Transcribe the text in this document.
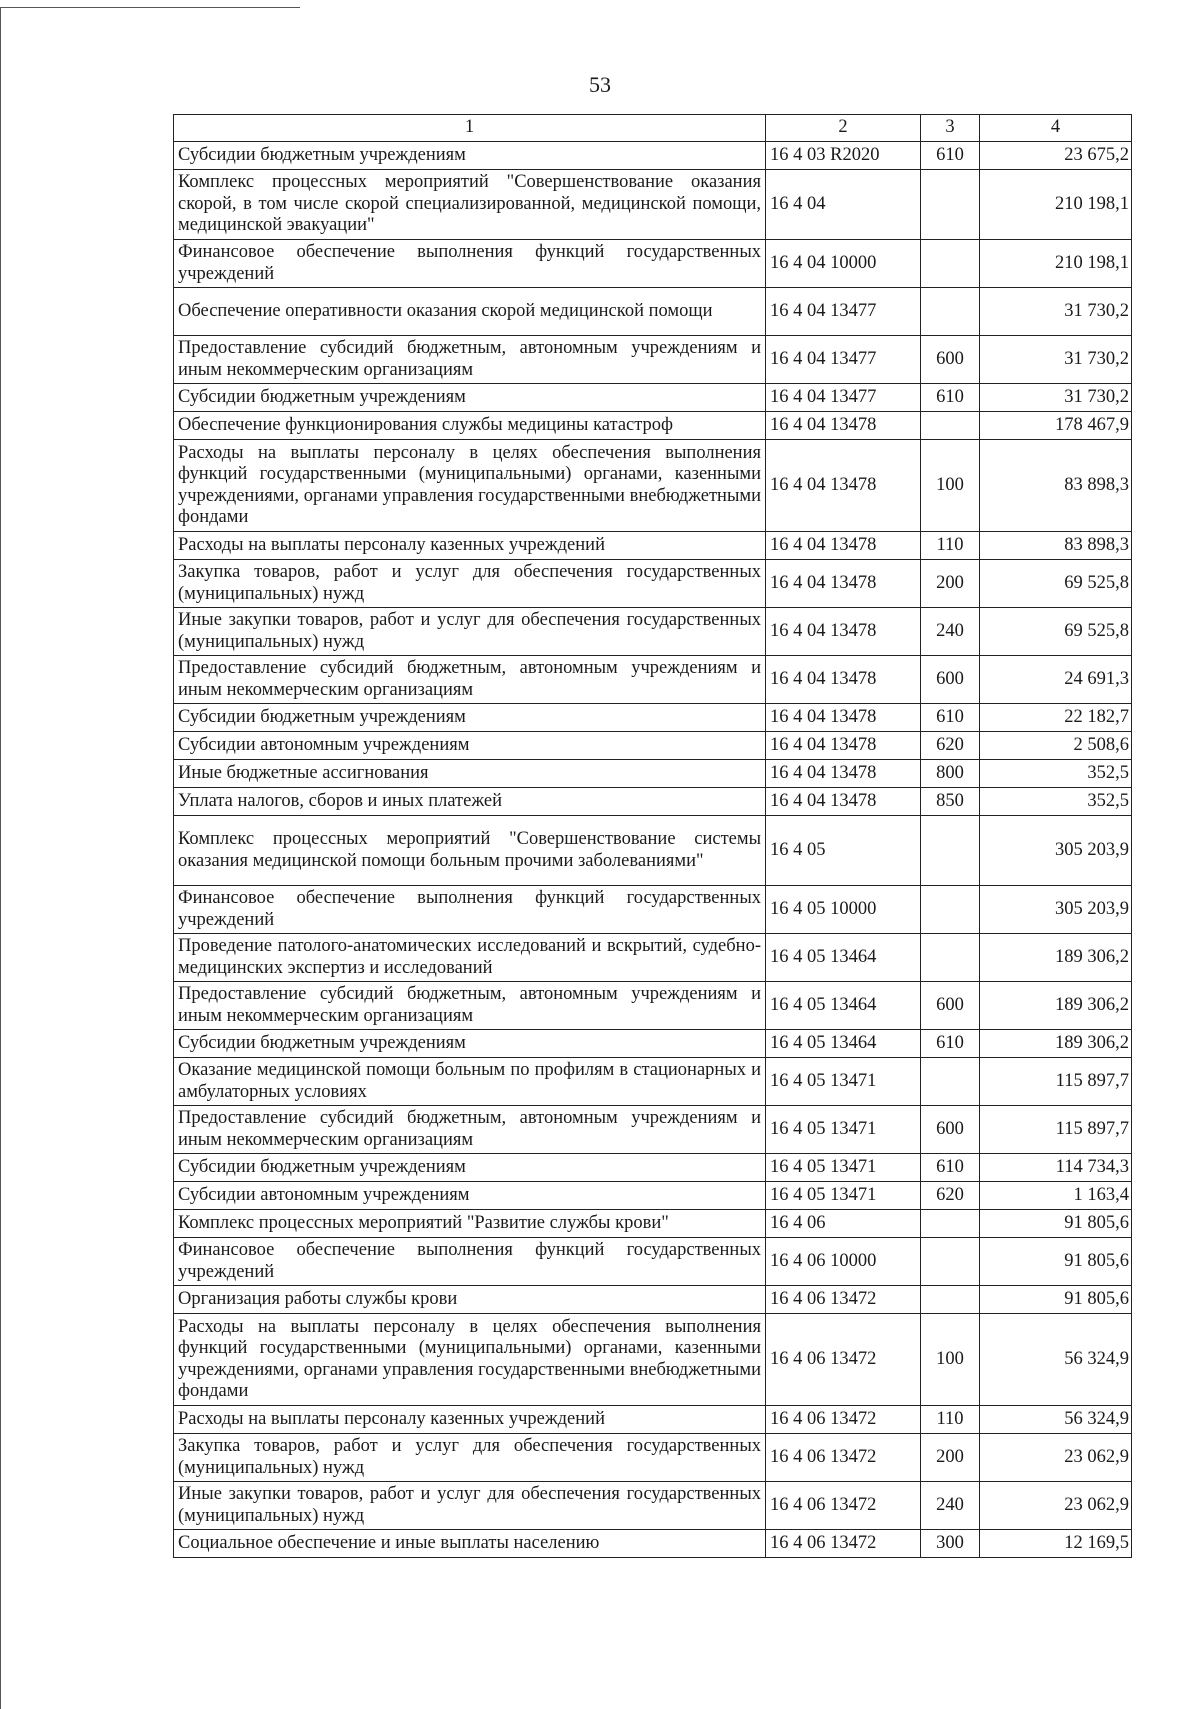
53
1	2	3	4
Субсидии бюджетным учреждениям	16 4 03 R2020	610	23 675,2
Комплекс процессных мероприятий "Совершенствование оказания скорой, в том числе скорой специализированной, медицинской помощи, медицинской эвакуации"	16 4 04		210 198,1
Финансовое обеспечение выполнения функций государственных учреждений	16 4 04 10000		210 198,1
Обеспечение оперативности оказания скорой медицинской помощи	16 4 04 13477		31 730,2
Предоставление субсидий бюджетным, автономным учреждениям и иным некоммерческим организациям	16 4 04 13477	600	31 730,2
Субсидии бюджетным учреждениям	16 4 04 13477	610	31 730,2
Обеспечение функционирования службы медицины катастроф	16 4 04 13478		178 467,9
Расходы на выплаты персоналу в целях обеспечения выполнения функций государственными (муниципальными) органами, казенными учреждениями, органами управления государственными внебюджетными фондами	16 4 04 13478	100	83 898,3
Расходы на выплаты персоналу казенных учреждений	16 4 04 13478	110	83 898,3
Закупка товаров, работ и услуг для обеспечения государственных (муниципальных) нужд	16 4 04 13478	200	69 525,8
Иные закупки товаров, работ и услуг для обеспечения государственных (муниципальных) нужд	16 4 04 13478	240	69 525,8
Предоставление субсидий бюджетным, автономным учреждениям и иным некоммерческим организациям	16 4 04 13478	600	24 691,3
Субсидии бюджетным учреждениям	16 4 04 13478	610	22 182,7
Субсидии автономным учреждениям	16 4 04 13478	620	2 508,6
Иные бюджетные ассигнования	16 4 04 13478	800	352,5
Уплата налогов, сборов и иных платежей	16 4 04 13478	850	352,5
Комплекс процессных мероприятий "Совершенствование системы оказания медицинской помощи больным прочими заболеваниями"	16 4 05		305 203,9
Финансовое обеспечение выполнения функций государственных учреждений	16 4 05 10000		305 203,9
Проведение патолого-анатомических исследований и вскрытий, судебно-медицинских экспертиз и исследований	16 4 05 13464		189 306,2
Предоставление субсидий бюджетным, автономным учреждениям и иным некоммерческим организациям	16 4 05 13464	600	189 306,2
Субсидии бюджетным учреждениям	16 4 05 13464	610	189 306,2
Оказание медицинской помощи больным по профилям в стационарных и амбулаторных условиях	16 4 05 13471		115 897,7
Предоставление субсидий бюджетным, автономным учреждениям и иным некоммерческим организациям	16 4 05 13471	600	115 897,7
Субсидии бюджетным учреждениям	16 4 05 13471	610	114 734,3
Субсидии автономным учреждениям	16 4 05 13471	620	1 163,4
Комплекс процессных мероприятий "Развитие службы крови"	16 4 06		91 805,6
Финансовое обеспечение выполнения функций государственных учреждений	16 4 06 10000		91 805,6
Организация работы службы крови	16 4 06 13472		91 805,6
Расходы на выплаты персоналу в целях обеспечения выполнения функций государственными (муниципальными) органами, казенными учреждениями, органами управления государственными внебюджетными фондами	16 4 06 13472	100	56 324,9
Расходы на выплаты персоналу казенных учреждений	16 4 06 13472	110	56 324,9
Закупка товаров, работ и услуг для обеспечения государственных (муниципальных) нужд	16 4 06 13472	200	23 062,9
Иные закупки товаров, работ и услуг для обеспечения государственных (муниципальных) нужд	16 4 06 13472	240	23 062,9
Социальное обеспечение и иные выплаты населению	16 4 06 13472	300	12 169,5
